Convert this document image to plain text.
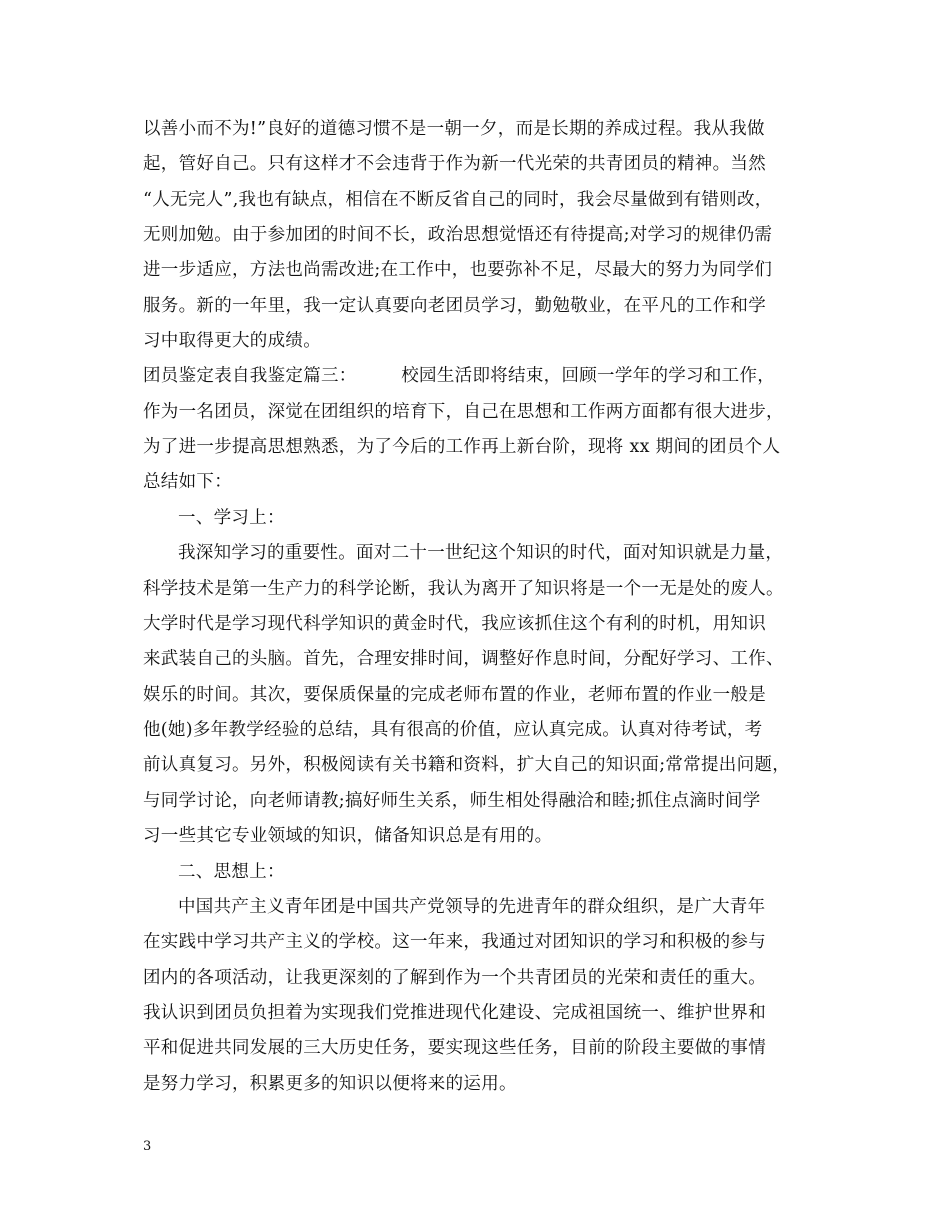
以善小而不为!”良好的道德习惯不是一朝一夕，而是长期的养成过程。我从我做
起，管好自己。只有这样才不会违背于作为新一代光荣的共青团员的精神。当然
“人无完人”,我也有缺点，相信在不断反省自己的同时，我会尽量做到有错则改，
无则加勉。由于参加团的时间不长，政治思想觉悟还有待提高;对学习的规律仍需
进一步适应，方法也尚需改进;在工作中，也要弥补不足，尽最大的努力为同学们
服务。新的一年里，我一定认真要向老团员学习，勤勉敬业，在平凡的工作和学
习中取得更大的成绩。
团员鉴定表自我鉴定篇三：　　　校园生活即将结束，回顾一学年的学习和工作，
作为一名团员，深觉在团组织的培育下，自己在思想和工作两方面都有很大进步，
为了进一步提高思想熟悉，为了今后的工作再上新台阶，现将 xx 期间的团员个人
总结如下：
一、学习上：
我深知学习的重要性。面对二十一世纪这个知识的时代，面对知识就是力量，
科学技术是第一生产力的科学论断，我认为离开了知识将是一个一无是处的废人。
大学时代是学习现代科学知识的黄金时代，我应该抓住这个有利的时机，用知识
来武装自己的头脑。首先，合理安排时间，调整好作息时间，分配好学习、工作、
娱乐的时间。其次，要保质保量的完成老师布置的作业，老师布置的作业一般是
他(她)多年教学经验的总结，具有很高的价值，应认真完成。认真对待考试，考
前认真复习。另外，积极阅读有关书籍和资料，扩大自己的知识面;常常提出问题，
与同学讨论，向老师请教;搞好师生关系，师生相处得融洽和睦;抓住点滴时间学
习一些其它专业领域的知识，储备知识总是有用的。
二、思想上：
中国共产主义青年团是中国共产党领导的先进青年的群众组织，是广大青年
在实践中学习共产主义的学校。这一年来，我通过对团知识的学习和积极的参与
团内的各项活动，让我更深刻的了解到作为一个共青团员的光荣和责任的重大。
我认识到团员负担着为实现我们党推进现代化建设、完成祖国统一、维护世界和
平和促进共同发展的三大历史任务，要实现这些任务，目前的阶段主要做的事情
是努力学习，积累更多的知识以便将来的运用。
3
